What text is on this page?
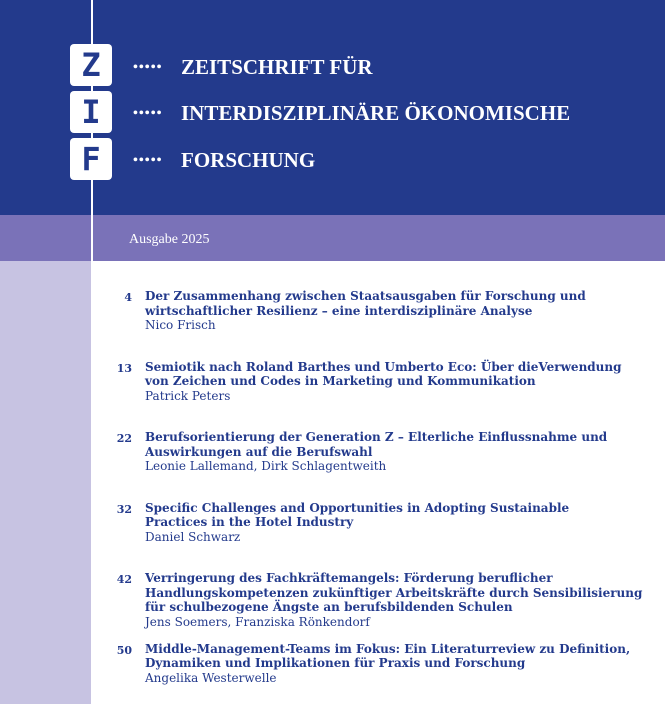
Z
I
F
••••• ZEITSCHRIFT FÜR
••••• INTERDISZIPLINÄRE ÖKONOMISCHE
••••• FORSCHUNG
Ausgabe 2025
4 Der Zusammenhang zwischen Staatsausgaben für Forschung und
wirtschaftlicher Resilienz – eine interdisziplinäre Analyse
Nico Frisch
13 Semiotik nach Roland Barthes und Umberto Eco: Über dieVerwendung
von Zeichen und Codes in Marketing und Kommunikation
Patrick Peters
22 Berufsorientierung der Generation Z – Elterliche Einflussnahme und
Auswirkungen auf die Berufswahl
Leonie Lallemand, Dirk Schlagentweith
32 Specific Challenges and Opportunities in Adopting Sustainable
Practices in the Hotel Industry
Daniel Schwarz
42 Verringerung des Fachkräftemangels: Förderung beruflicher
Handlungskompetenzen zukünftiger Arbeitskräfte durch Sensibilisierung
für schulbezogene Ängste an berufsbildenden Schulen
Jens Soemers, Franziska Rönkendorf
50 Middle-Management-Teams im Fokus: Ein Literaturreview zu Definition,
Dynamiken und Implikationen für Praxis und Forschung
Angelika Westerwelle
